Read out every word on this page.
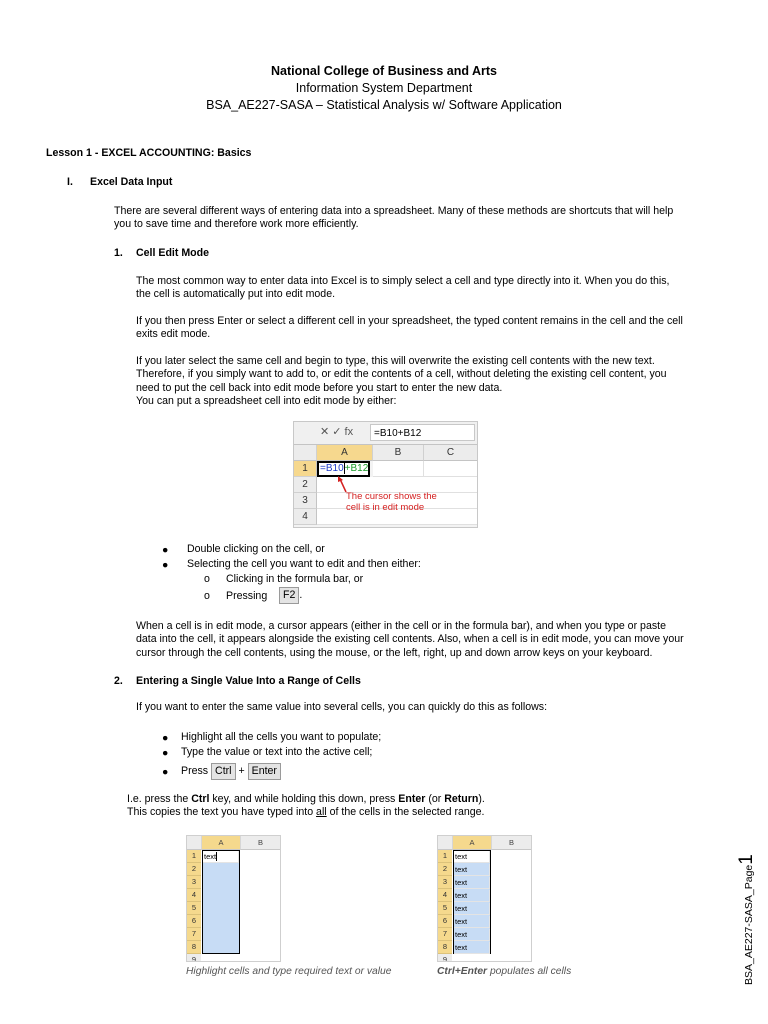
National College of Business and Arts
Information System Department
BSA_AE227-SASA – Statistical Analysis w/ Software Application
Lesson 1 - EXCEL ACCOUNTING: Basics
I. Excel Data Input
There are several different ways of entering data into a spreadsheet. Many of these methods are shortcuts that will help
you to save time and therefore work more efficiently.
1. Cell Edit Mode
The most common way to enter data into Excel is to simply select a cell and type directly into it. When you do this,
the cell is automatically put into edit mode.
If you then press Enter or select a different cell in your spreadsheet, the typed content remains in the cell and the cell
exits edit mode.
If you later select the same cell and begin to type, this will overwrite the existing cell contents with the new text.
Therefore, if you simply want to add to, or edit the contents of a cell, without deleting the existing cell content, you
need to put the cell back into edit mode before you start to enter the new data.
You can put a spreadsheet cell into edit mode by either:
✕ ✓ fx	=B10+B12
A	B	C
1
2
3
4
=B10+B12
The cursor shows the
cell is in edit mode
● Double clicking on the cell, or
● Selecting the cell you want to edit and then either:
o Clicking in the formula bar, or
o Pressing	F2 .
When a cell is in edit mode, a cursor appears (either in the cell or in the formula bar), and when you type or paste
data into the cell, it appears alongside the existing cell contents. Also, when a cell is in edit mode, you can move your
cursor through the cell contents, using the mouse, or the left, right, up and down arrow keys on your keyboard.
2. Entering a Single Value Into a Range of Cells
If you want to enter the same value into several cells, you can quickly do this as follows:
● Highlight all the cells you want to populate;
● Type the value or text into the active cell;
● Press Ctrl + Enter
I.e. press the Ctrl key, and while holding this down, press Enter (or Return).
This copies the text you have typed into all of the cells in the selected range.
A	B
1
2
3
4
5
6
7
8
9
text
Highlight cells and type required text or value
A	B
1
2
3
4
5
6
7
8
9
text
text
text
text
text
text
text
text
Ctrl+Enter populates all cells	BSA_AE227-SASA_Page1
